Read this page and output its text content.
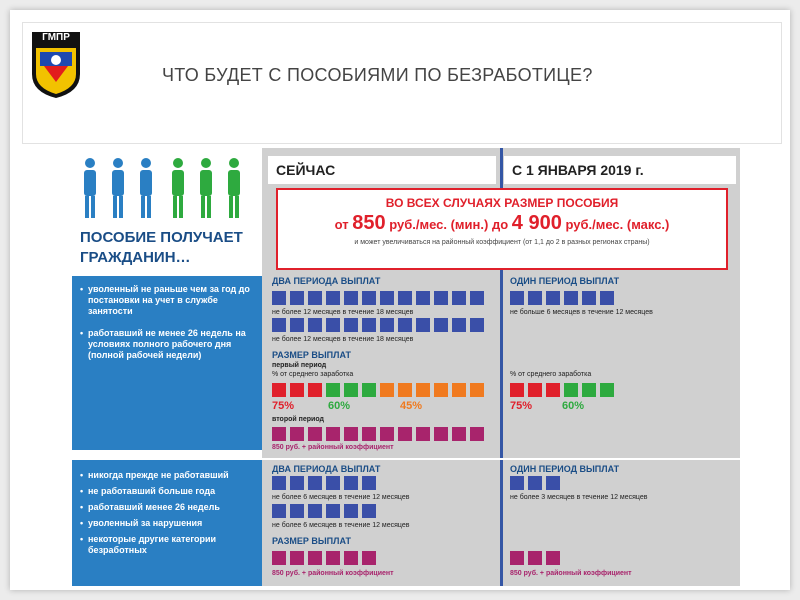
ГМПР
ЧТО БУДЕТ С ПОСОБИЯМИ ПО БЕЗРАБОТИЦЕ?
ПОСОБИЕ ПОЛУЧАЕТ
ГРАЖДАНИН…
• уволенный не раньше чем за год до постановки на учет в службе занятости
• работавший не менее 26 недель на условиях полного рабочего дня (полной рабочей недели)
• никогда прежде не работавший
• не работавший больше года
• работавший менее 26 недель
• уволенный за нарушения
• некоторые другие категории безработных
СЕЙЧАС	С 1 ЯНВАРЯ 2019 г.
ВО ВСЕХ СЛУЧАЯХ РАЗМЕР ПОСОБИЯ
от 850 руб./мес. (мин.) до 4 900 руб./мес. (макс.)
и может увеличиваться на районный коэффициент (от 1,1 до 2 в разных регионах страны)
ДВА ПЕРИОДА ВЫПЛАТ
не более 12 месяцев в течение 18 месяцев
не более 12 месяцев в течение 18 месяцев
ОДИН ПЕРИОД ВЫПЛАТ
не больше 6 месяцев в течение 12 месяцев
РАЗМЕР ВЫПЛАТ
первый период
% от среднего заработка	% от среднего заработка
75%	60%	45%	75%	60%
второй период
850 руб. + районный коэффициент
ДВА ПЕРИОДА ВЫПЛАТ
не более 6 месяцев в течение 12 месяцев
не более 6 месяцев в течение 12 месяцев
ОДИН ПЕРИОД ВЫПЛАТ
не более 3 месяцев в течение 12 месяцев
РАЗМЕР ВЫПЛАТ
850 руб. + районный коэффициент	850 руб. + районный коэффициент
